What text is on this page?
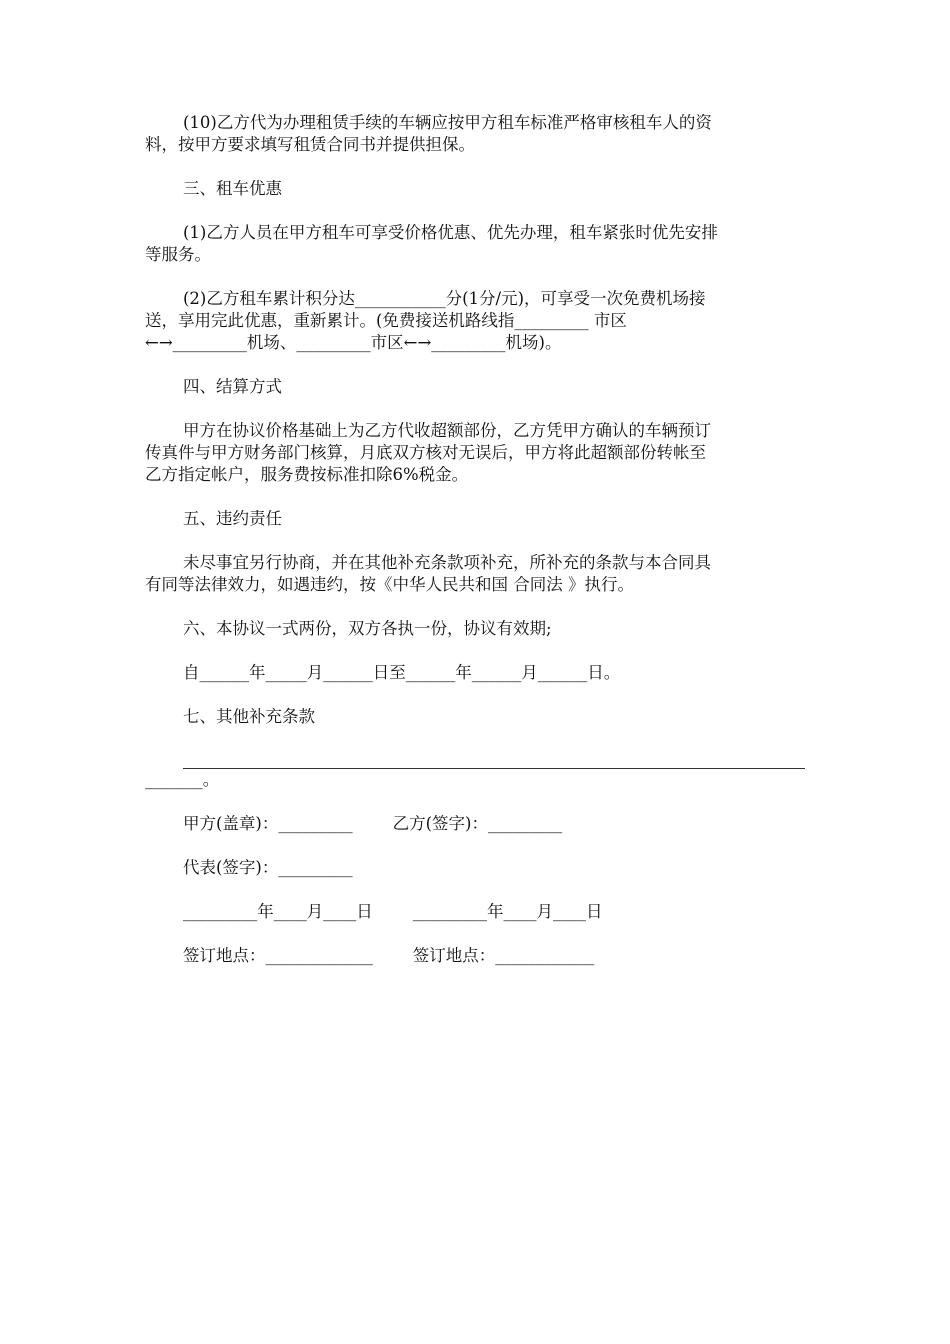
(10)乙方代为办理租赁手续的车辆应按甲方租车标准严格审核租车人的资
料，按甲方要求填写租赁合同书并提供担保。
三、租车优惠
(1)乙方人员在甲方租车可享受价格优惠、优先办理，租车紧张时优先安排
等服务。
(2)乙方租车累计积分达___________分(1分/元)，可享受一次免费机场接
送，享用完此优惠，重新累计。(免费接送机路线指_________ 市区
←→_________机场、_________市区←→_________机场)。
四、结算方式
甲方在协议价格基础上为乙方代收超额部份，乙方凭甲方确认的车辆预订
传真件与甲方财务部门核算，月底双方核对无误后，甲方将此超额部份转帐至
乙方指定帐户，服务费按标准扣除6%税金。
五、违约责任
未尽事宜另行协商，并在其他补充条款项补充，所补充的条款与本合同具
有同等法律效力，如遇违约，按《中华人民共和国 合同法 》执行。
六、本协议一式两份，双方各执一份，协议有效期;
自______年_____月______日至______年______月______日。
七、其他补充条款
_______。
甲方(盖章)：_________ 乙方(签字)：_________
代表(签字)：_________
_________年____月____日 _________年____月____日
签订地点：_____________ 签订地点：____________
